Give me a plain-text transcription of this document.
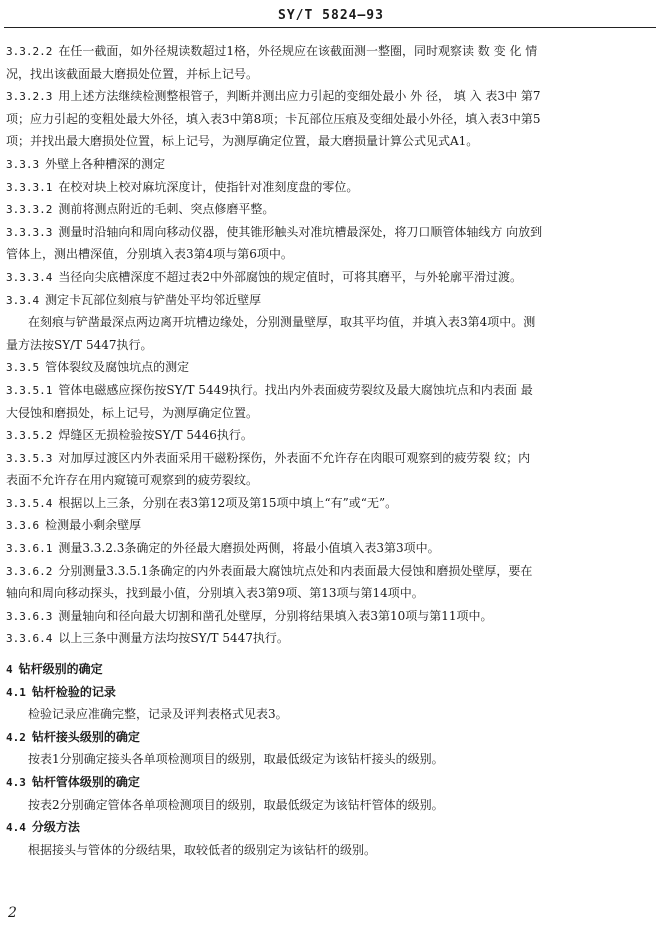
SY/T 5824—93
3.3.2.2 在任一截面，如外径規读数超过1格，外径规应在该截面测一整圈，同时观察读 数 变 化 情
况，找出该截面最大磨损处位置，并标上记号。
3.3.2.3 用上述方法继续检测整根管子，判断并测出应力引起的变细处最小 外 径， 填 入 表3中 第7
项；应力引起的变粗处最大外径，填入表3中第8项；卡瓦部位压痕及变细处最小外径，填入表3中第5
项；并找出最大磨损处位置，标上记号，为测厚确定位置，最大磨损量计算公式见式A1。
3.3.3 外壁上各种槽深的测定
3.3.3.1 在校对块上校对麻坑深度计，使指针对准刻度盘的零位。
3.3.3.2 测前将测点附近的毛刺、突点修磨平整。
3.3.3.3 测量时沿轴向和周向移动仪器，使其锥形触头对准坑槽最深处，将刀口顺管体轴线方 向放到
管体上，测出槽深值，分别填入表3第4项与第6项中。
3.3.3.4 当径向尖底槽深度不超过表2中外部腐蚀的规定值时，可将其磨平，与外轮廓平滑过渡。
3.3.4 测定卡瓦部位刻痕与铲凿处平均邻近壁厚
在刻痕与铲凿最深点两边离开坑槽边缘处，分别测量壁厚，取其平均值，并填入表3第4项中。测
量方法按SY/T 5447执行。
3.3.5 管体裂纹及腐蚀坑点的测定
3.3.5.1 管体电磁感应探伤按SY/T 5449执行。找出内外表面疲劳裂纹及最大腐蚀坑点和内表面 最
大侵蚀和磨损处，标上记号，为测厚确定位置。
3.3.5.2 焊缝区无损检验按SY/T 5446执行。
3.3.5.3 对加厚过渡区内外表面采用干磁粉探伤，外表面不允许存在肉眼可观察到的疲劳裂 纹；内
表面不允许存在用内窥镜可观察到的疲劳裂纹。
3.3.5.4 根据以上三条，分别在表3第12项及第15项中填上“有”或“无”。
3.3.6 检测最小剩余壁厚
3.3.6.1 测量3.3.2.3条确定的外径最大磨损处两侧，将最小值填入表3第3项中。
3.3.6.2 分别测量3.3.5.1条确定的内外表面最大腐蚀坑点处和内表面最大侵蚀和磨损处壁厚，要在
轴向和周向移动探头，找到最小值，分别填入表3第9项、第13项与第14项中。
3.3.6.3 测量轴向和径向最大切割和凿孔处壁厚，分别将结果填入表3第10项与第11项中。
3.3.6.4 以上三条中测量方法均按SY/T 5447执行。
4 钻杆级别的确定
4.1 钻杆检验的记录
检验记录应准确完整，记录及评判表格式见表3。
4.2 钻杆接头级别的确定
按表1分别确定接头各单项检测项目的级别，取最低级定为该钻杆接头的级别。
4.3 钻杆管体级别的确定
按表2分别确定管体各单项检测项目的级别，取最低级定为该钻杆管体的级别。
4.4 分级方法
根据接头与管体的分级结果，取较低者的级别定为该钻杆的级别。
2
